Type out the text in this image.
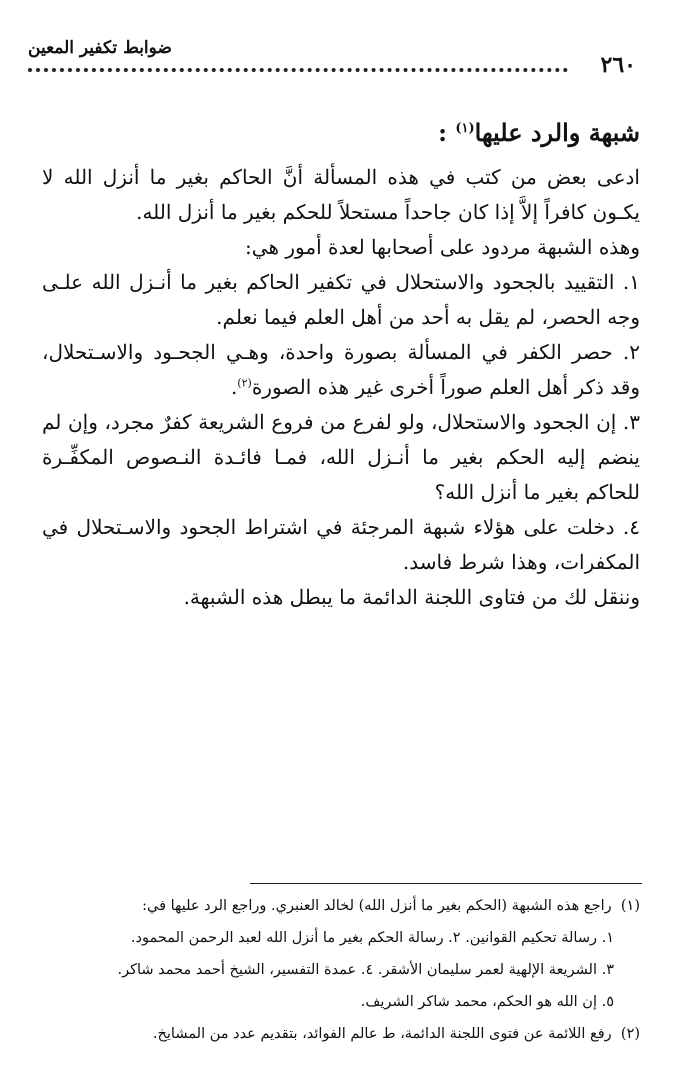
ضوابط تكفير المعين
٢٦٠
شبهة والرد عليها$^{(١)}$ :

ادعى بعض من كتب في هذه المسألة أنَّ الحاكم بغير ما أنزل الله لا يكـون كافراً إلاَّ إذا كان جاحداً مستحلاً للحكم بغير ما أنزل الله.

وهذه الشبهة مردود على أصحابها لعدة أمور هي:

١. التقييد بالجحود والاستحلال في تكفير الحاكم بغير ما أنـزل الله علـى وجه الحصر، لم يقل به أحد من أهل العلم فيما نعلم.

٢. حصر الكفر في المسألة بصورة واحدة، وهـي الجحـود والاسـتحلال، وقد ذكر أهل العلم صوراً أخرى غير هذه الصورة$^{(٢)}$.

٣. إن الجحود والاستحلال، ولو لفرع من فروع الشريعة كفرٌ مجرد، وإن لم ينضم إليه الحكم بغير ما أنـزل الله، فمـا فائـدة النـصوص المكفِّـرة للحاكم بغير ما أنزل الله؟

٤. دخلت على هؤلاء شبهة المرجئة في اشتراط الجحود والاسـتحلال في المكفرات، وهذا شرط فاسد.

وننقل لك من فتاوى اللجنة الدائمة ما يبطل هذه الشبهة.

(١)  راجع هذه الشبهة (الحكم بغير ما أنزل الله) لخالد العنبري. وراجع الرد عليها في:

١. رسالة تحكيم القوانين. ٢. رسالة الحكم بغير ما أنزل الله لعبد الرحمن المحمود.

٣. الشريعة الإلهية لعمر سليمان الأشقر. ٤. عمدة التفسير، الشيخ أحمد محمد شاكر.

٥. إن الله هو الحكم، محمد شاكر الشريف.

(٢)  رفع اللائمة عن فتوى اللجنة الدائمة، ط عالم الفوائد، بتقديم عدد من المشايخ.
